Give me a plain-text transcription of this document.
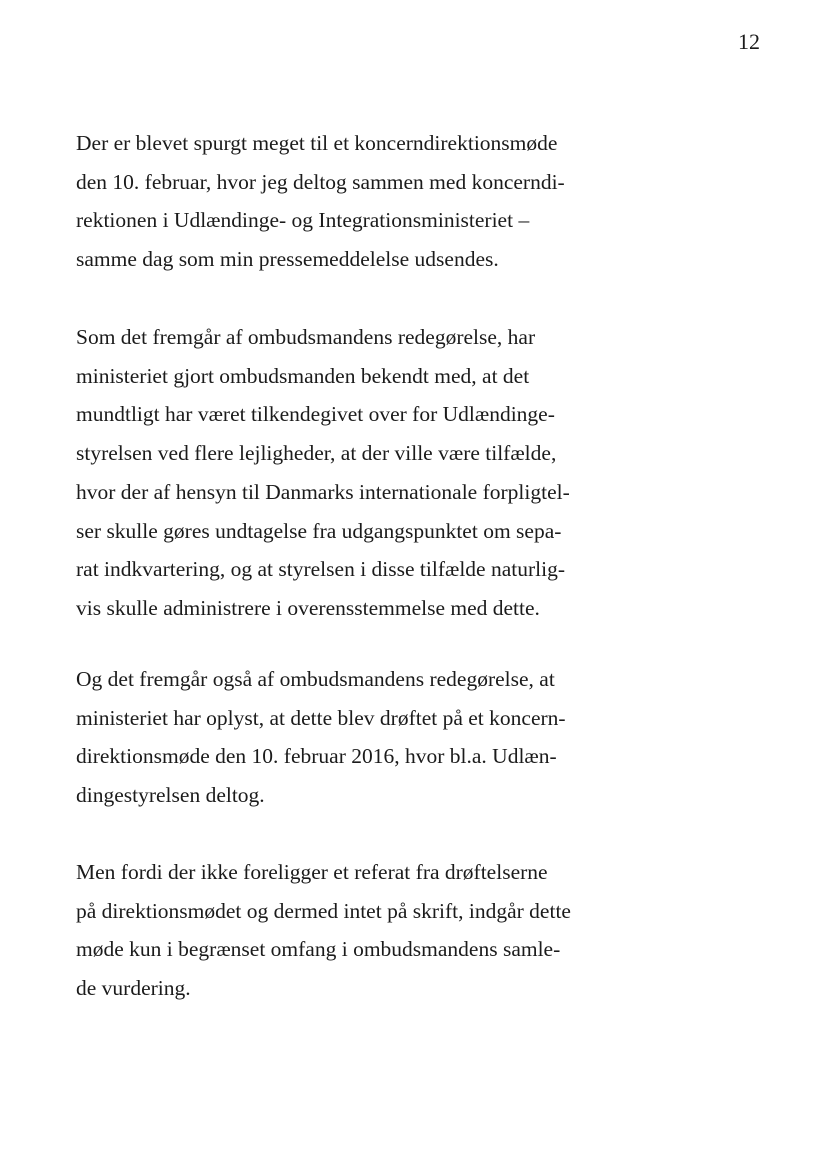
12

Der er blevet spurgt meget til et koncerndirektionsmøde
den 10. februar, hvor jeg deltog sammen med koncerndi-
rektionen i Udlændinge- og Integrationsministeriet –
samme dag som min pressemeddelelse udsendes.

Som det fremgår af ombudsmandens redegørelse, har
ministeriet gjort ombudsmanden bekendt med, at det
mundtligt har været tilkendegivet over for Udlændinge-
styrelsen ved flere lejligheder, at der ville være tilfælde,
hvor der af hensyn til Danmarks internationale forpligtel-
ser skulle gøres undtagelse fra udgangspunktet om sepa-
rat indkvartering, og at styrelsen i disse tilfælde naturlig-
vis skulle administrere i overensstemmelse med dette.

Og det fremgår også af ombudsmandens redegørelse, at
ministeriet har oplyst, at dette blev drøftet på et koncern-
direktionsmøde den 10. februar 2016, hvor bl.a. Udlæn-
dingestyrelsen deltog.

Men fordi der ikke foreligger et referat fra drøftelserne
på direktionsmødet og dermed intet på skrift, indgår dette
møde kun i begrænset omfang i ombudsmandens samle-
de vurdering.
